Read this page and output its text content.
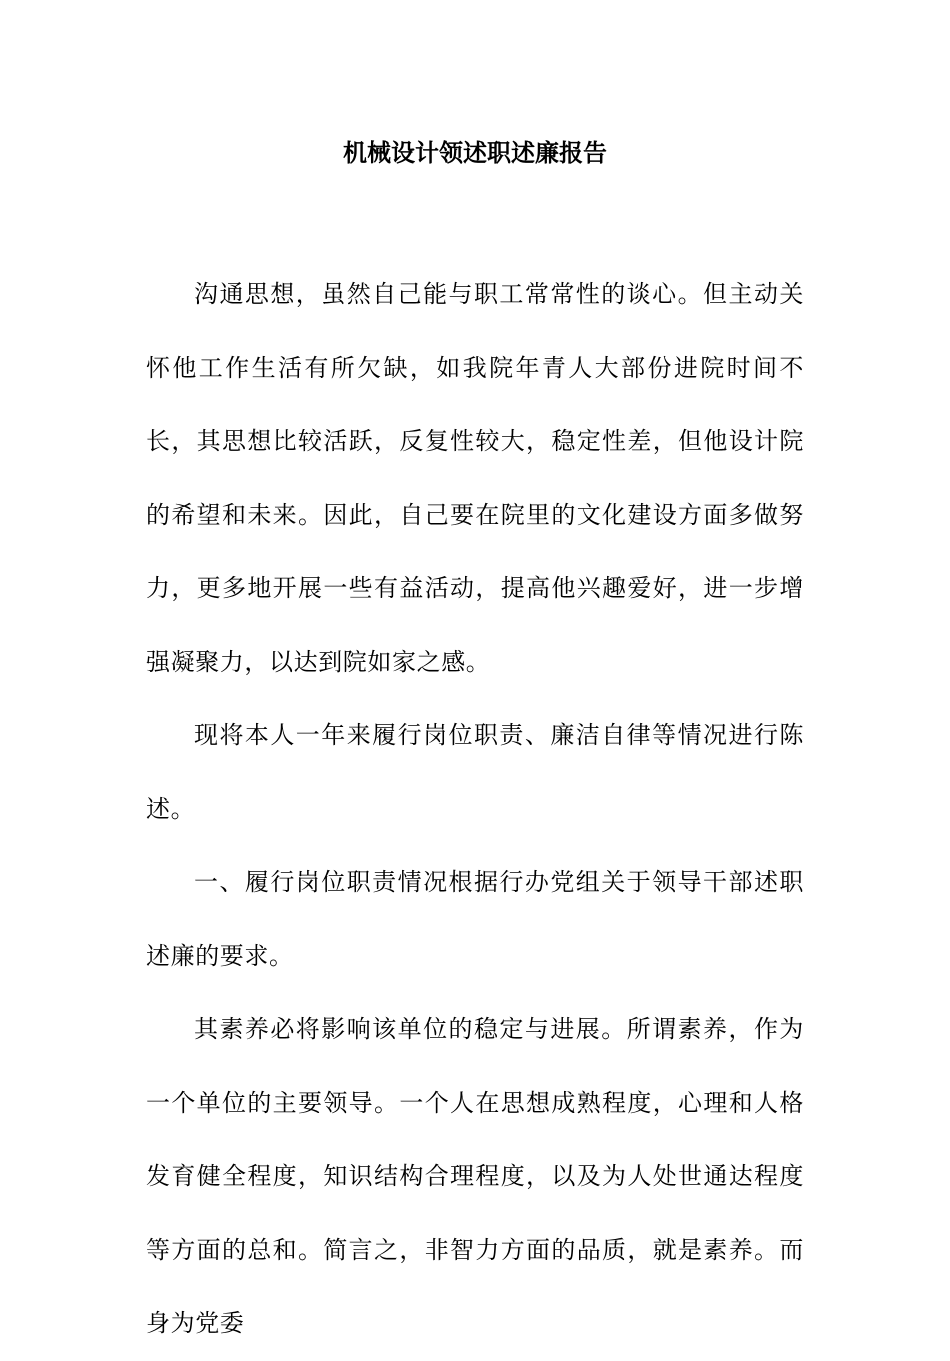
机械设计领述职述廉报告

沟通思想，虽然自己能与职工常常性的谈心。但主动关怀他工作生活有所欠缺，如我院年青人大部份进院时间不长，其思想比较活跃，反复性较大，稳定性差，但他设计院的希望和未来。因此，自己要在院里的文化建设方面多做努力，更多地开展一些有益活动，提高他兴趣爱好，进一步增强凝聚力，以达到院如家之感。

现将本人一年来履行岗位职责、廉洁自律等情况进行陈述。

一、履行岗位职责情况根据行办党组关于领导干部述职述廉的要求。

其素养必将影响该单位的稳定与进展。所谓素养，作为一个单位的主要领导。一个人在思想成熟程度，心理和人格发育健全程度，知识结构合理程度，以及为人处世通达程度等方面的总和。简言之，非智力方面的品质，就是素养。而身为党委
